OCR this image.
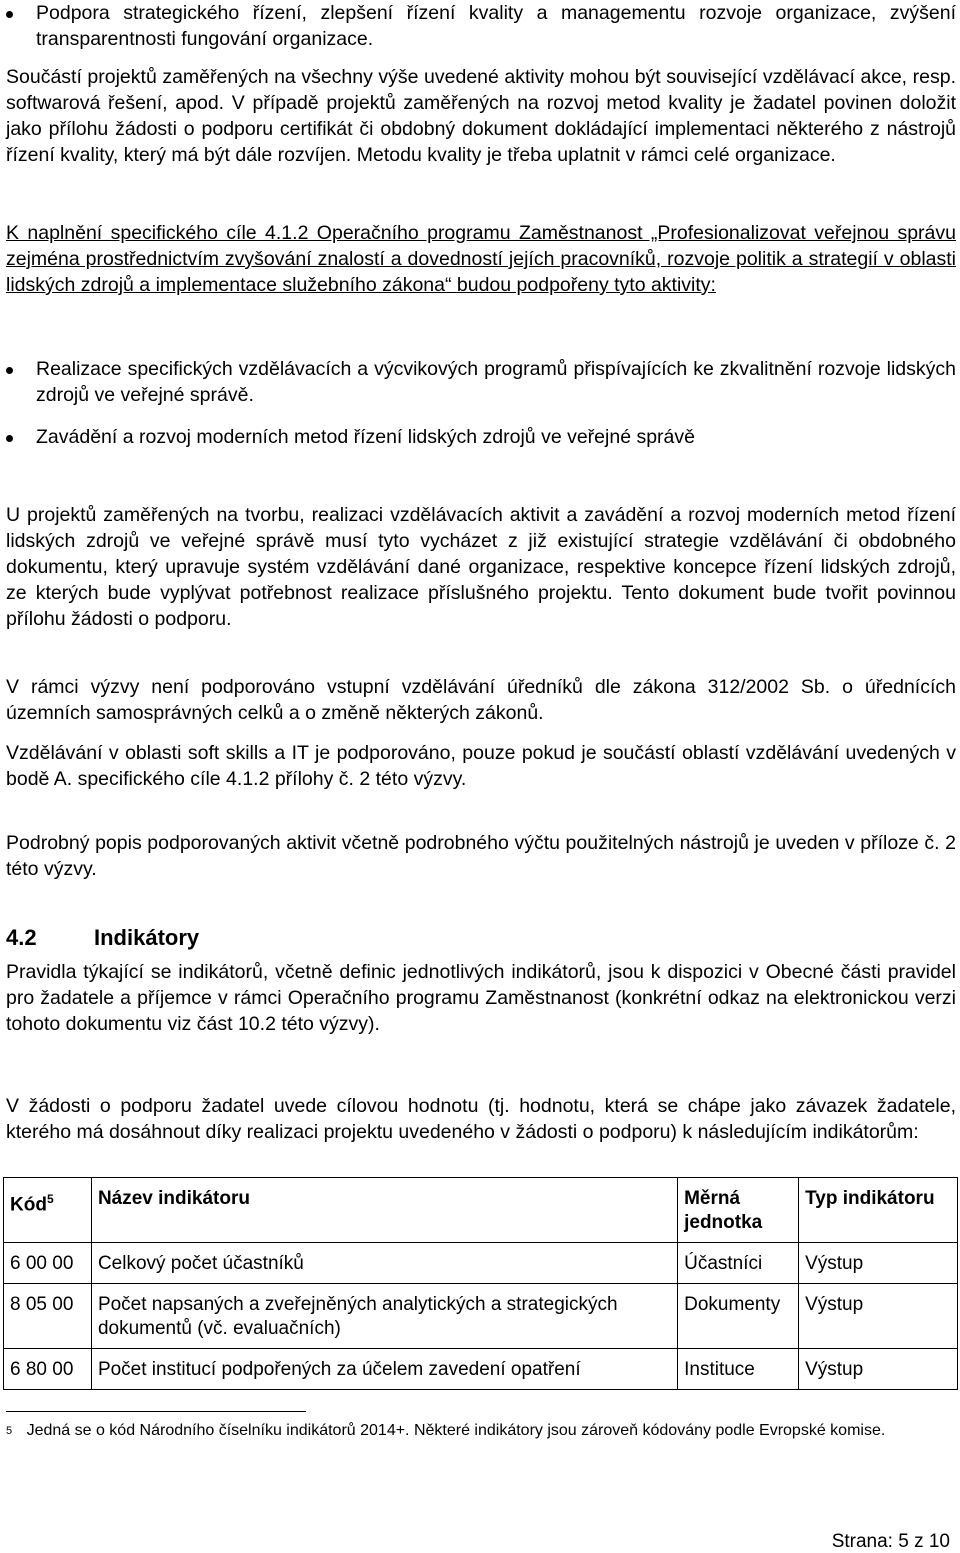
Podpora strategického řízení, zlepšení řízení kvality a managementu rozvoje organizace, zvýšení transparentnosti fungování organizace.

Součástí projektů zaměřených na všechny výše uvedené aktivity mohou být související vzdělávací akce, resp. softwarová řešení, apod. V případě projektů zaměřených na rozvoj metod kvality je žadatel povinen doložit jako přílohu žádosti o podporu certifikát či obdobný dokument dokládající implementaci některého z nástrojů řízení kvality, který má být dále rozvíjen. Metodu kvality je třeba uplatnit v rámci celé organizace.

K naplnění specifického cíle 4.1.2 Operačního programu Zaměstnanost „Profesionalizovat veřejnou správu zejména prostřednictvím zvyšování znalostí a dovedností jejích pracovníků, rozvoje politik a strategií v oblasti lidských zdrojů a implementace služebního zákona“ budou podpořeny tyto aktivity:

Realizace specifických vzdělávacích a výcvikových programů přispívajících ke zkvalitnění rozvoje lidských zdrojů ve veřejné správě.
Zavádění a rozvoj moderních metod řízení lidských zdrojů ve veřejné správě

U projektů zaměřených na tvorbu, realizaci vzdělávacích aktivit a zavádění a rozvoj moderních metod řízení lidských zdrojů ve veřejné správě musí tyto vycházet z již existující strategie vzdělávání či obdobného dokumentu, který upravuje systém vzdělávání dané organizace, respektive koncepce řízení lidských zdrojů, ze kterých bude vyplývat potřebnost realizace příslušného projektu. Tento dokument bude tvořit povinnou přílohu žádosti o podporu.

V rámci výzvy není podporováno vstupní vzdělávání úředníků dle zákona 312/2002 Sb. o úřednících územních samosprávných celků a o změně některých zákonů.

Vzdělávání v oblasti soft skills a IT je podporováno, pouze pokud je součástí oblastí vzdělávání uvedených v bodě A. specifického cíle 4.1.2 přílohy č. 2 této výzvy.

Podrobný popis podporovaných aktivit včetně podrobného výčtu použitelných nástrojů je uveden v příloze č. 2 této výzvy.

4.2	Indikátory

Pravidla týkající se indikátorů, včetně definic jednotlivých indikátorů, jsou k dispozici v Obecné části pravidel pro žadatele a příjemce v rámci Operačního programu Zaměstnanost (konkrétní odkaz na elektronickou verzi tohoto dokumentu viz část 10.2 této výzvy).

V žádosti o podporu žadatel uvede cílovou hodnotu (tj. hodnotu, která se chápe jako závazek žadatele, kterého má dosáhnout díky realizaci projektu uvedeného v žádosti o podporu) k následujícím indikátorům:

Kód$^5$	Název indikátoru	Měrná jednotka	Typ indikátoru
6 00 00	Celkový počet účastníků	Účastníci	Výstup
8 05 00	Počet napsaných a zveřejněných analytických a strategických dokumentů (vč. evaluačních)	Dokumenty	Výstup
6 80 00	Počet institucí podpořených za účelem zavedení opatření	Instituce	Výstup
$^5$ Jedná se o kód Národního číselníku indikátorů 2014+. Některé indikátory jsou zároveň kódovány podle Evropské komise.
Strana: 5 z 10
